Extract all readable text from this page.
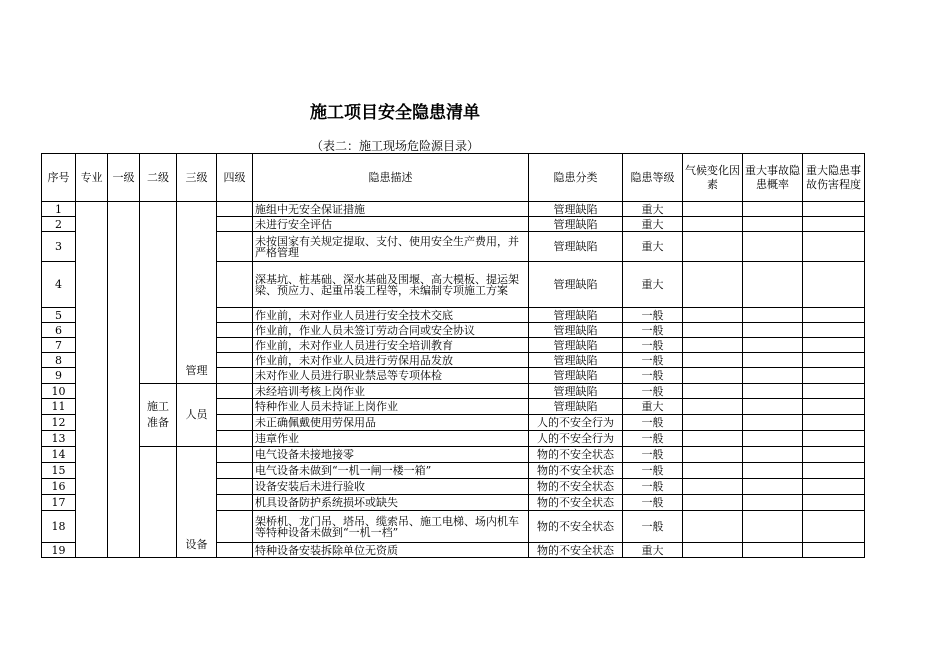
施工项目安全隐患清单
（表二：施工现场危险源目录）
序号	专业	一级	二级	三级	四级	隐患描述	隐患分类	隐患等级	气候变化因素	重大事故隐患概率	重大隐患事故伤害程度
1				管理		施组中无安全保证措施	管理缺陷	重大			
2						未进行安全评估	管理缺陷	重大			
3						未按国家有关规定提取、支付、使用安全生产费用，并严格管理	管理缺陷	重大			
4						深基坑、桩基础、深水基础及围堰、高大模板、提运架梁、预应力、起重吊装工程等，未编制专项施工方案	管理缺陷	重大			
5						作业前，未对作业人员进行安全技术交底	管理缺陷	一般			
6						作业前，作业人员未签订劳动合同或安全协议	管理缺陷	一般			
7						作业前，未对作业人员进行安全培训教育	管理缺陷	一般			
8						作业前，未对作业人员进行劳保用品发放	管理缺陷	一般			
9						未对作业人员进行职业禁忌等专项体检	管理缺陷	一般			
10			施工准备	人员		未经培训考核上岗作业	管理缺陷	一般			
11						特种作业人员未持证上岗作业	管理缺陷	重大			
12						未正确佩戴使用劳保用品	人的不安全行为	一般			
13						违章作业	人的不安全行为	一般			
14				设备		电气设备未接地接零	物的不安全状态	一般			
15						电气设备未做到“一机一闸一楼一箱”	物的不安全状态	一般			
16						设备安装后未进行验收	物的不安全状态	一般			
17						机具设备防护系统损坏或缺失	物的不安全状态	一般			
18						架桥机、龙门吊、塔吊、缆索吊、施工电梯、场内机车等特种设备未做到“一机一档”	物的不安全状态	一般			
19						特种设备安装拆除单位无资质	物的不安全状态	重大			
